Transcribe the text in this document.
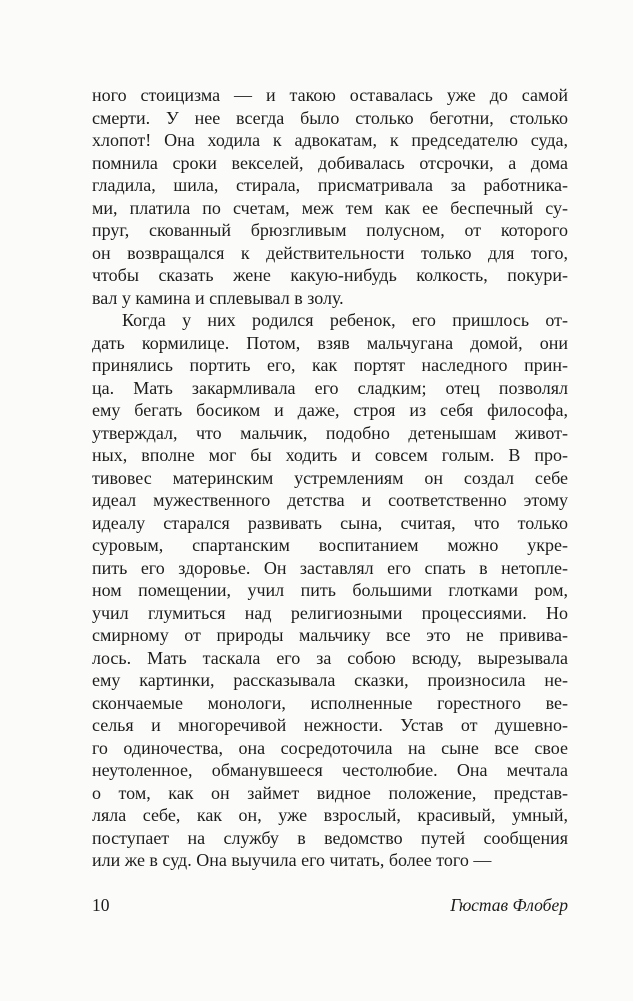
ного стоицизма — и такою оставалась уже до самой
смерти. У нее всегда было столько беготни, столько
хлопот! Она ходила к адвокатам, к председателю суда,
помнила сроки векселей, добивалась отсрочки, а дома
гладила, шила, стирала, присматривала за работника-
ми, платила по счетам, меж тем как ее беспечный су-
пруг, скованный брюзгливым полусном, от которого
он возвращался к действительности только для того,
чтобы сказать жене какую-нибудь колкость, покури-
вал у камина и сплевывал в золу.
Когда у них родился ребенок, его пришлось от-
дать кормилице. Потом, взяв мальчугана домой, они
принялись портить его, как портят наследного прин-
ца. Мать закармливала его сладким; отец позволял
ему бегать босиком и даже, строя из себя философа,
утверждал, что мальчик, подобно детенышам живот-
ных, вполне мог бы ходить и совсем голым. В про-
тивовес материнским устремлениям он создал себе
идеал мужественного детства и соответственно этому
идеалу старался развивать сына, считая, что только
суровым, спартанским воспитанием можно укре-
пить его здоровье. Он заставлял его спать в нетопле-
ном помещении, учил пить большими глотками ром,
учил глумиться над религиозными процессиями. Но
смирному от природы мальчику все это не привива-
лось. Мать таскала его за собою всюду, вырезывала
ему картинки, рассказывала сказки, произносила не-
скончаемые монологи, исполненные горестного ве-
селья и многоречивой нежности. Устав от душевно-
го одиночества, она сосредоточила на сыне все свое
неутоленное, обманувшееся честолюбие. Она мечтала
о том, как он займет видное положение, представ-
ляла себе, как он, уже взрослый, красивый, умный,
поступает на службу в ведомство путей сообщения
или же в суд. Она выучила его читать, более того —
10	Гюстав Флобер
